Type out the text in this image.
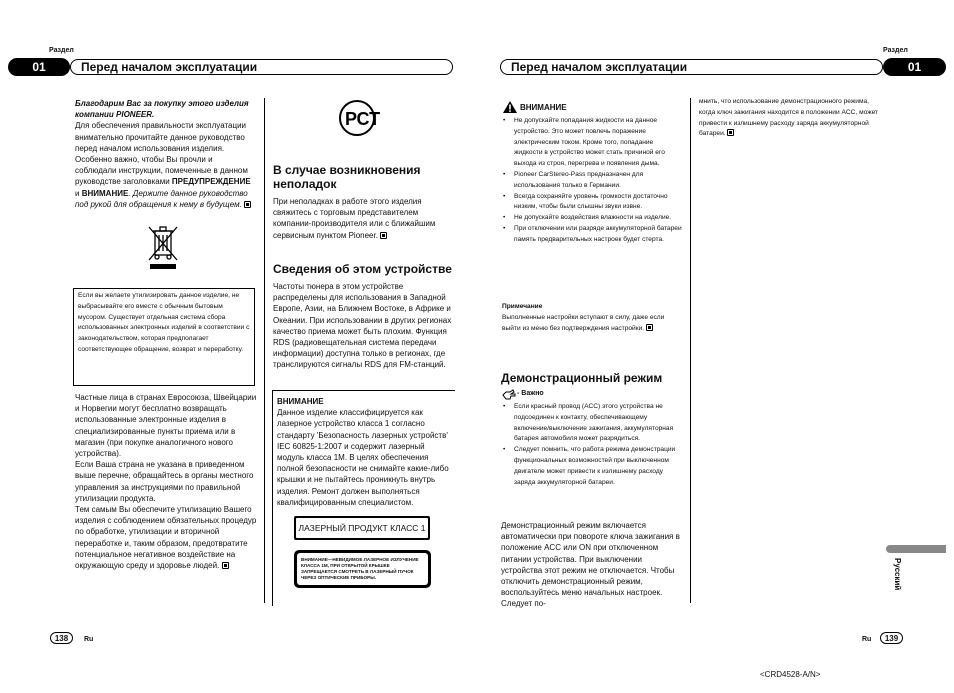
Раздел
01	Перед началом эксплуатации
Раздел
Перед началом эксплуатации	01

Благодарим Вас за покупку этого изделия компании PIONEER.

Для обеспечения правильности эксплуатации внимательно прочитайте данное руководство перед началом использования изделия. Особенно важно, чтобы Вы прочли и соблюдали инструкции, помеченные в данном руководстве заголовками ПРЕДУПРЕЖДЕНИЕ и ВНИМАНИЕ. Держите данное руководство под рукой для обращения к нему в будущем.

Если вы желаете утилизировать данное изделие, не выбрасывайте его вместе с обычным бытовым мусором. Существует отдельная система сбора использованных электронных изделий в соответствии с законодательством, которая предполагает соответствующее обращение, возврат и переработку.

Частные лица в странах Евросоюза, Швейцарии и Норвегии могут бесплатно возвращать использованные электронные изделия в специализированные пункты приема или в магазин (при покупке аналогичного нового устройства).

Если Ваша страна не указана в приведенном выше перечне, обращайтесь в органы местного управления за инструкциями по правильной утилизации продукта.

Тем самым Вы обеспечите утилизацию Вашего изделия с соблюдением обязательных процедур по обработке, утилизации и вторичной переработке и, таким образом, предотвратите потенциальное негативное воздействие на окружающую среду и здоровье людей.

РСТ
В случае возникновения неполадок

При неполадках в работе этого изделия свяжитесь с торговым представителем компании-производителя или с ближайшим сервисным пунктом Pioneer.

Сведения об этом устройстве
Частоты тюнера в этом устройстве распределены для использования в Западной Европе, Азии, на Ближнем Востоке, в Африке и Океании. При использовании в других регионах качество приема может быть плохим. Функция RDS (радиовещательная система передачи информации) доступна только в регионах, где транслируются сигналы RDS для FM-станций.

ВНИМАНИЕ

Данное изделие классифицируется как лазерное устройство класса 1 согласно стандарту 'Безопасность лазерных устройств' IEC 60825-1:2007 и содержит лазерный модуль класса 1M. В целях обеспечения полной безопасности не снимайте какие-либо крышки и не пытайтесь проникнуть внутрь изделия. Ремонт должен выполняться квалифицированным специалистом.

ЛАЗЕРНЫЙ ПРОДУКТ КЛАСС 1
ВНИМАНИЕ—НЕВИДИМОЕ ЛАЗЕРНОЕ ИЗЛУЧЕНИЕ КЛАССА 1M, ПРИ ОТКРЫТОЙ КРЫШКЕ ЗАПРЕЩАЕТСЯ СМОТРЕТЬ В ЛАЗЕРНЫЙ ПУЧОК ЧЕРЕЗ ОПТИЧЕСКИЕ ПРИБОРЫ.
138	Ru
ВНИМАНИЕ
• Не допускайте попадания жидкости на данное устройство. Это может повлечь поражение электрическим током. Кроме того, попадание жидкости в устройство может стать причиной его выхода из строя, перегрева и появления дыма.
• Pioneer CarStereo-Pass предназначен для использования только в Германии.
• Всегда сохраняйте уровень громкости достаточно низким, чтобы были слышны звуки извне.
• Не допускайте воздействия влажности на изделие.
• При отключении или разряде аккумуляторной батареи память предварительных настроек будет стерта.

Примечание

Выполненные настройки вступают в силу, даже если выйти из меню без подтверждения настройки.

Демонстрационный режим
- Важно
• Если красный провод (ACC) этого устройства не подсоединен к контакту, обеспечивающему включение/выключение зажигания, аккумуляторная батарея автомобиля может разрядиться.
• Следует помнить, что работа режима демонстрации функциональных возможностей при выключенном двигателе может привести к излишнему расходу заряда аккумуляторной батареи.
Демонстрационный режим включается автоматически при повороте ключа зажигания в положение ACC или ON при отключенном питании устройства. При выключении устройства этот режим не отключается. Чтобы отключить демонстрационный режим, воспользуйтесь меню начальных настроек. Следует по-

мнить, что использование демонстрационного режима, когда ключ зажигания находится в положении ACC, может привести к излишнему расходу заряда аккумуляторной батареи.

Русский
Ru	139
<CRD4528-A/N>
